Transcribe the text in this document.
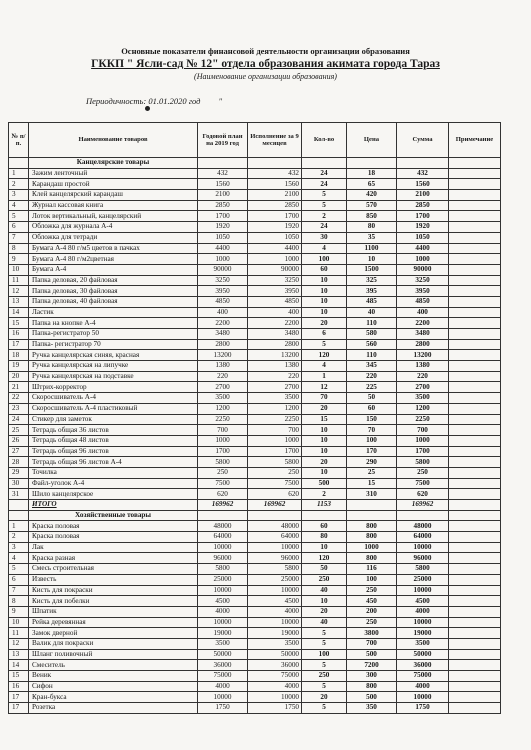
Основные показатели финансовой деятельности организации образования
ГККП " Ясли-сад № 12" отдела образования акимата города Тараз
(Наименование организации образования)
Периодичность: 01.01.2020 год "
№ п/п.	Наименование товаров	Годовой план на 2019 год	Исполнение за 9 месяцев	Кол-во	Цена	Сумма	Примечание
	Канцелярские товары						
1	Зажим ленточный	432	432	24	18	432	
2	Карандаш простой	1560	1560	24	65	1560	
3	Клей канцелярский карандаш	2100	2100	5	420	2100	
4	Журнал кассовая книга	2850	2850	5	570	2850	
5	Лоток вертикальный, канцелярский	1700	1700	2	850	1700	
6	Обложка для журнала А-4	1920	1920	24	80	1920	
7	Обложка для тетради	1050	1050	30	35	1050	
8	Бумага А-4 80 г/м5 цветов в пачках	4400	4400	4	1100	4400	
9	Бумага А-4 80 г/м2цветная	1000	1000	100	10	1000	
10	Бумага А-4	90000	90000	60	1500	90000	
11	Папка деловая, 20 файловая	3250	3250	10	325	3250	
12	Папка деловая, 30 файловая	3950	3950	10	395	3950	
13	Папка деловая, 40 файловая	4850	4850	10	485	4850	
14	Ластик	400	400	10	40	400	
15	Папка на кнопке А-4	2200	2200	20	110	2200	
16	Папка-регистратор 50	3480	3480	6	580	3480	
17	Папка- регистратор 70	2800	2800	5	560	2800	
18	Ручка канцелярская синяя, красная	13200	13200	120	110	13200	
19	Ручка канцелярская на липучке	1380	1380	4	345	1380	
20	Ручка канцелярская на подставке	220	220	1	220	220	
21	Штрих-корректор	2700	2700	12	225	2700	
22	Скоросшиватель А-4	3500	3500	70	50	3500	
23	Скоросшиватель А-4 пластиковый	1200	1200	20	60	1200	
24	Стикер для заметок	2250	2250	15	150	2250	
25	Тетрадь общая 36 листов	700	700	10	70	700	
26	Тетрадь общая 48 листов	1000	1000	10	100	1000	
27	Тетрадь общая 96 листов	1700	1700	10	170	1700	
28	Тетрадь общая 96 листов А-4	5800	5800	20	290	5800	
29	Точилка	250	250	10	25	250	
30	Файл-уголок А-4	7500	7500	500	15	7500	
31	Шило канцелярское	620	620	2	310	620	
	ИТОГО	169962	169962	1153		169962	
	Хозяйственные товары						
1	Краска половая	48000	48000	60	800	48000	
2	Краска половая	64000	64000	80	800	64000	
3	Лак	10000	10000	10	1000	10000	
4	Краска разная	96000	96000	120	800	96000	
5	Смесь строительная	5800	5800	50	116	5800	
6	Известь	25000	25000	250	100	25000	
7	Кисть для покраски	10000	10000	40	250	10000	
8	Кисть для побелки	4500	4500	10	450	4500	
9	Шпатик	4000	4000	20	200	4000	
10	Рейка деревянная	10000	10000	40	250	10000	
11	Замок дверной	19000	19000	5	3800	19000	
12	Валик для покраски	3500	3500	5	700	3500	
13	Шланг поливочный	50000	50000	100	500	50000	
14	Смеситель	36000	36000	5	7200	36000	
15	Веник	75000	75000	250	300	75000	
16	Сифон	4000	4000	5	800	4000	
17	Кран-букса	10000	10000	20	500	10000	
17	Розетка	1750	1750	5	350	1750	
